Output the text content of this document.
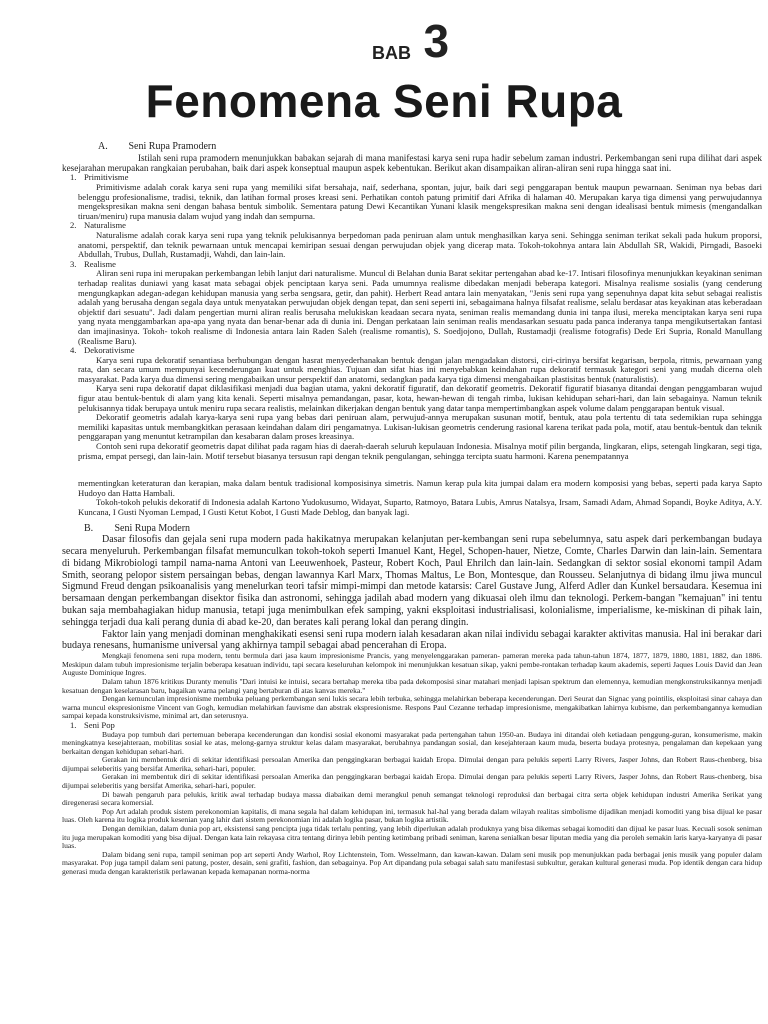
BAB 3
Fenomena Seni Rupa

A. Seni Rupa Pramodern

Istilah seni rupa pramodern menunjukkan babakan sejarah di mana manifestasi karya seni rupa hadir sebelum zaman industri. Perkembangan seni rupa dilihat dari aspek kesejarahan merupakan rangkaian perubahan, baik dari aspek konseptual maupun aspek kebentukan. Berikut akan disampaikan aliran-aliran seni rupa hingga saat ini.

1. Primitivisme

Primitivisme adalah corak karya seni rupa yang memiliki sifat bersahaja, naif, sederhana, spontan, jujur, baik dari segi penggarapan bentuk maupun pewarnaan. Seniman nya bebas dari belenggu profesionalisme, tradisi, teknik, dan latihan formal proses kreasi seni. Perhatikan contoh patung primitif dari Afrika di halaman 40. Merupakan karya tiga dimensi yang perwujudannya mengekspresikan makna seni dengan bahasa bentuk simbolik. Sementara patung Dewi Kecantikan Yunani klasik mengekspresikan makna seni dengan idealisasi bentuk mimesis (mengandalkan tiruan/meniru) rupa manusia dalam wujud yang indah dan sempurna.

2. Naturalisme

Naturalisme adalah corak karya seni rupa yang teknik pelukisannya berpedoman pada peniruan alam untuk menghasilkan karya seni. Sehingga seniman terikat sekali pada hukum proporsi, anatomi, perspektif, dan teknik pewarnaan untuk mencapai kemiripan sesuai dengan perwujudan objek yang dicerap mata. Tokoh-tokohnya antara lain Abdullah SR, Wakidi, Pirngadi, Basoeki Abdullah, Trubus, Dullah, Rustamadji, Wahdi, dan lain-lain.

3. Realisme

Aliran seni rupa ini merupakan perkembangan lebih lanjut dari naturalisme. Muncul di Belahan dunia Barat sekitar pertengahan abad ke-17. Intisari filosofinya menunjukkan keyakinan seniman terhadap realitas duniawi yang kasat mata sebagai objek penciptaan karya seni. Pada umumnya realisme dibedakan menjadi beberapa kategori. Misalnya realisme sosialis (yang cenderung mengungkapkan adegan-adegan kehidupan manusia yang serba sengsara, getir, dan pahit). Herbert Read antara lain menyatakan, "Jenis seni rupa yang sepenuhnya dapat kita sebut sebagai realistis adalah yang berusaha dengan segala daya untuk menyatakan perwujudan objek dengan tepat, dan seni seperti ini, sebagaimana halnya filsafat realisme, selalu berdasar atas keyakinan atas keberadaan objektif dari sesuatu". Jadi dalam pengertian murni aliran realis berusaha melukiskan keadaan secara nyata, seniman realis memandang dunia ini tanpa ilusi, mereka menciptakan karya seni rupa yang nyata menggambarkan apa-apa yang nyata dan benar-benar ada di dunia ini. Dengan perkataan lain seniman realis mendasarkan sesuatu pada panca inderanya tanpa mengikutsertakan fantasi dan imajinasinya. Tokoh- tokoh realisme di Indonesia antara lain Raden Saleh (realisme romantis), S. Soedjojono, Dullah, Rustamadji (realisme fotografis) Dede Eri Supria, Ronald Manullang (Realisme Baru).

4. Dekorativisme

Karya seni rupa dekoratif senantiasa berhubungan dengan hasrat menyederhanakan bentuk dengan jalan mengadakan distorsi, ciri-cirinya bersifat kegarisan, berpola, ritmis, pewarnaan yang rata, dan secara umum mempunyai kecenderungan kuat untuk menghias. Tujuan dan sifat hias ini menyebabkan keindahan rupa dekoratif termasuk kategori seni yang mudah dicerna oleh masyarakat. Pada karya dua dimensi sering mengabaikan unsur perspektif dan anatomi, sedangkan pada karya tiga dimensi mengabaikan plastisitas bentuk (naturalistis).

Karya seni rupa dekoratif dapat diklasifikasi menjadi dua bagian utama, yakni dekoratif figuratif, dan dekoratif geometris. Dekoratif figuratif biasanya ditandai dengan penggambaran wujud figur atau bentuk-bentuk di alam yang kita kenali. Seperti misalnya pemandangan, pasar, kota, hewan-hewan di tengah rimba, lukisan kehidupan sehari-hari, dan lain sebagainya. Namun teknik pelukisannya tidak berupaya untuk meniru rupa secara realistis, melainkan dikerjakan dengan bentuk yang datar tanpa mempertimbangkan aspek volume dalam penggarapan bentuk visual.

Dekoratif geometris adalah karya-karya seni rupa yang bebas dari peniruan alam, perwujud-annya merupakan susunan motif, bentuk, atau pola tertentu di tata sedemikian rupa sehingga memiliki kapasitas untuk membangkitkan perasaan keindahan dalam diri pengamatnya. Lukisan-lukisan geometris cenderung rasional karena terikat pada pola, motif, atau bentuk-bentuk dan teknik penggarapan yang menuntut ketrampilan dan kesabaran dalam proses kreasinya.

Contoh seni rupa dekoratif geometris dapat dilihat pada ragam hias di daerah-daerah seluruh kepulauan Indonesia. Misalnya motif pilin berganda, lingkaran, elips, setengah lingkaran, segi tiga, prisma, empat persegi, dan lain-lain. Motif tersebut biasanya tersusun rapi dengan teknik pengulangan, sehingga tercipta suatu harmoni. Karena penempatannya

mementingkan keteraturan dan kerapian, maka dalam bentuk tradisional komposisinya simetris. Namun kerap pula kita jumpai dalam era modern komposisi yang bebas, seperti pada karya Sapto Hudoyo dan Hatta Hambali.

Tokoh-tokoh pelukis dekoratif di Indonesia adalah Kartono Yudokusumo, Widayat, Suparto, Ratmoyo, Batara Lubis, Amrus Natalsya, Irsam, Samadi Adam, Ahmad Sopandi, Boyke Aditya, A.Y. Kuncana, I Gusti Nyoman Lempad, I Gusti Ketut Kobot, I Gusti Made Deblog, dan banyak lagi.

B. Seni Rupa Modern

Dasar filosofis dan gejala seni rupa modern pada hakikatnya merupakan kelanjutan per-kembangan seni rupa sebelumnya, satu aspek dari perkembangan budaya secara menyeluruh. Perkembangan filsafat memunculkan tokoh-tokoh seperti Imanuel Kant, Hegel, Schopen-hauer, Nietze, Comte, Charles Darwin dan lain-lain. Sementara di bidang Mikrobiologi tampil nama-nama Antoni van Leeuwenhoek, Pasteur, Robert Koch, Paul Ehrilch dan lain-lain. Sedangkan di sektor sosial ekonomi tampil Adam Smith, seorang pelopor sistem persaingan bebas, dengan lawannya Karl Marx, Thomas Maltus, Le Bon, Montesque, dan Rousseu. Selanjutnya di bidang ilmu jiwa muncul Sigmund Freud dengan psikoanalisis yang menelurkan teori tafsir mimpi-mimpi dan metode katarsis: Carel Gustave Jung, Alferd Adler dan Kunkel bersaudara. Kesemua ini bersamaan dengan perkembangan disektor fisika dan astronomi, sehingga jadilah abad modern yang dikuasai oleh ilmu dan teknologi. Perkem-bangan "kemajuan" ini tentu bukan saja membahagiakan hidup manusia, tetapi juga menimbulkan efek samping, yakni eksploitasi industrialisasi, kolonialisme, imperialisme, ke-miskinan di pihak lain, sehingga terjadi dua kali perang dunia di abad ke-20, dan berates kali perang lokal dan perang dingin.

Faktor lain yang menjadi dominan menghakikati esensi seni rupa modern ialah kesadaran akan nilai individu sebagai karakter aktivitas manusia. Hal ini berakar dari budaya renesans, humanisme universal yang akhirnya tampil sebagai abad pencerahan di Eropa.

Mengkaji fenomena seni rupa modern, tentu bermula dari jasa kaum impresionisme Prancis, yang menyelenggarakan pameran- pameran mereka pada tahun-tahun 1874, 1877, 1879, 1880, 1881, 1882, dan 1886. Meskipun dalam tubuh impresionisme terjalin beberapa kesatuan individu, tapi secara keseluruhan kelompok ini menunjukkan kesatuan sikap, yakni pembe-rontakan terhadap kaum akademis, seperti Jaques Louis David dan Jean Auguste Dominique Ingres.

Dalam tahun 1876 kritikus Duranty menulis "Dari intuisi ke intuisi, secara bertahap mereka tiba pada dekomposisi sinar matahari menjadi lapisan spektrum dan elemennya, kemudian mengkonstruksikannya menjadi kesatuan dengan keselarasan baru, bagaikan warna pelangi yang bertaburan di atas kanvas mereka."

Dengan kemunculan impresionisme membuka peluang perkembangan seni lukis secara lebih terbuka, sehingga melahirkan beberapa kecenderungan. Deri Seurat dan Signac yang pointilis, eksploitasi sinar cahaya dan warna muncul ekspresionisme Vincent van Gogh, kemudian melahirkan fauvisme dan abstrak ekspresionisme. Respons Paul Cezanne terhadap impresionisme, mengakibatkan lahirnya kubisme, dan perkembangannya kemudian sampai kepada konstruksivisme, minimal art, dan seterusnya.

1. Seni Pop

Budaya pop tumbuh dari pertemuan beberapa kecenderungan dan kondisi sosial ekonomi masyarakat pada pertengahan tahun 1950-an. Budaya ini ditandai oleh ketiadaan penggung-guran, konsumerisme, makin meningkatnya kesejahteraan, mobilitas sosial ke atas, melong-garnya struktur kelas dalam masyarakat, berubahnya pandangan sosial, dan kesejahteraan kaum muda, beserta budaya protesnya, pengalaman dan kepekaan yang berkaitan dengan kehidupan sehari-hari.

Gerakan ini membentuk diri di sekitar identifikasi persoalan Amerika dan penggingkaran berbagai kaidah Eropa. Dimulai dengan para pelukis seperti Larry Rivers, Jasper Johns, dan Robert Raus-chenberg, bisa dijumpai seleberitis yang bersifat Amerika, sehari-hari, populer.

Gerakan ini membentuk diri di sekitar identifikasi persoalan Amerika dan penggingkaran berbagai kaidah Eropa. Dimulai dengan para pelukis seperti Larry Rivers, Jasper Johns, dan Robert Raus-chenberg, bisa dijumpai seleberitis yang bersifat Amerika, sehari-hari, populer.

Di bawah pengaruh para pelukis, kritik awal terhadap budaya massa diabaikan demi merangkul penuh semangat teknologi reproduksi dan berbagai citra serta objek kehidupan industri Amerika Serikat yang diregenerasi secara komersial.

Pop Art adalah produk sistem perekonomian kapitalis, di mana segala hal dalam kehidupan ini, termasuk hal-hal yang berada dalam wilayah realitas simbolisme dijadikan menjadi komoditi yang bisa dijual ke pasar luas. Oleh karena itu logika produk kesenian yang lahir dari sistem perekonomian ini adalah logika pasar, bukan logika artistik.

Dengan demikian, dalam dunia pop art, eksistensi sang pencipta juga tidak terlalu penting, yang lebih diperlukan adalah produknya yang bisa dikemas sebagai komoditi dan dijual ke pasar luas. Kecuali sosok seniman itu juga merupakan komoditi yang bisa dijual. Dengan kata lain rekayasa citra tentang dirinya lebih penting ketimbang pribadi seniman, karena senialkan besar liputan media yang dia peroleh semakin laris karya-karyanya di pasar luas.

Dalam bidang seni rupa, tampil seniman pop art seperti Andy Warhol, Roy Lichtenstein, Tom. Wesselmann, dan kawan-kawan. Dalam seni musik pop menunjukkan pada berbagai jenis musik yang populer dalam masyarakat. Pop juga tampil dalam seni patung, poster, desain, seni grafiti, fashion, dan sebagainya. Pop Art dipandang pula sebagai salah satu manifestasi subkultur, gerakan kultural generasi muda. Pop identik dengan cara hidup generasi muda dengan karakteristik perlawanan kepada kemapanan norma-norma
